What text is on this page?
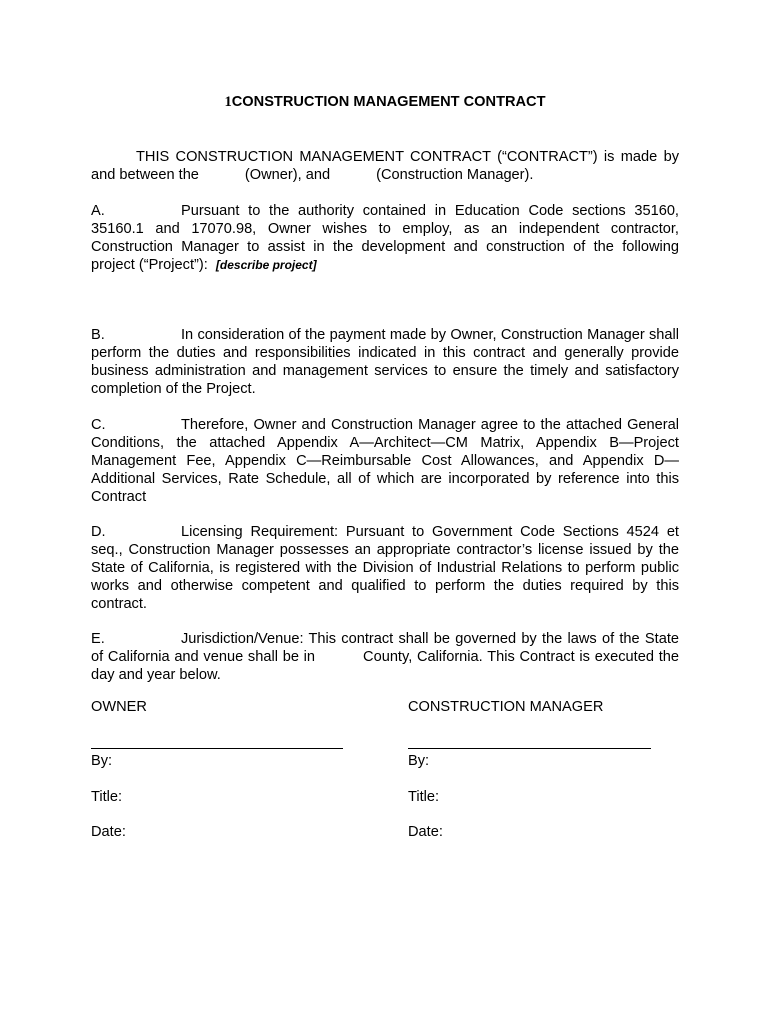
1CONSTRUCTION MANAGEMENT CONTRACT
THIS CONSTRUCTION MANAGEMENT CONTRACT (“CONTRACT”) is made by and between the	(Owner), and	(Construction Manager).
A.	Pursuant to the authority contained in Education Code sections 35160, 35160.1 and 17070.98, Owner wishes to employ, as an independent contractor, Construction Manager to assist in the development and construction of the following project (“Project”): [describe project]
B.	In consideration of the payment made by Owner, Construction Manager shall perform the duties and responsibilities indicated in this contract and generally provide business administration and management services to ensure the timely and satisfactory completion of the Project.
C.	Therefore, Owner and Construction Manager agree to the attached General Conditions, the attached Appendix A—Architect—CM Matrix, Appendix B—Project Management Fee, Appendix C—Reimbursable Cost Allowances, and Appendix D—Additional Services, Rate Schedule, all of which are incorporated by reference into this Contract
D.	Licensing Requirement: Pursuant to Government Code Sections 4524 et seq., Construction Manager possesses an appropriate contractor’s license issued by the State of California, is registered with the Division of Industrial Relations to perform public works and otherwise competent and qualified to perform the duties required by this contract.
E.	Jurisdiction/Venue: This contract shall be governed by the laws of the State of California and venue shall be in	County, California. This Contract is executed the day and year below.
OWNER	CONSTRUCTION MANAGER
By:	By:
Title:	Title:
Date:	Date:
